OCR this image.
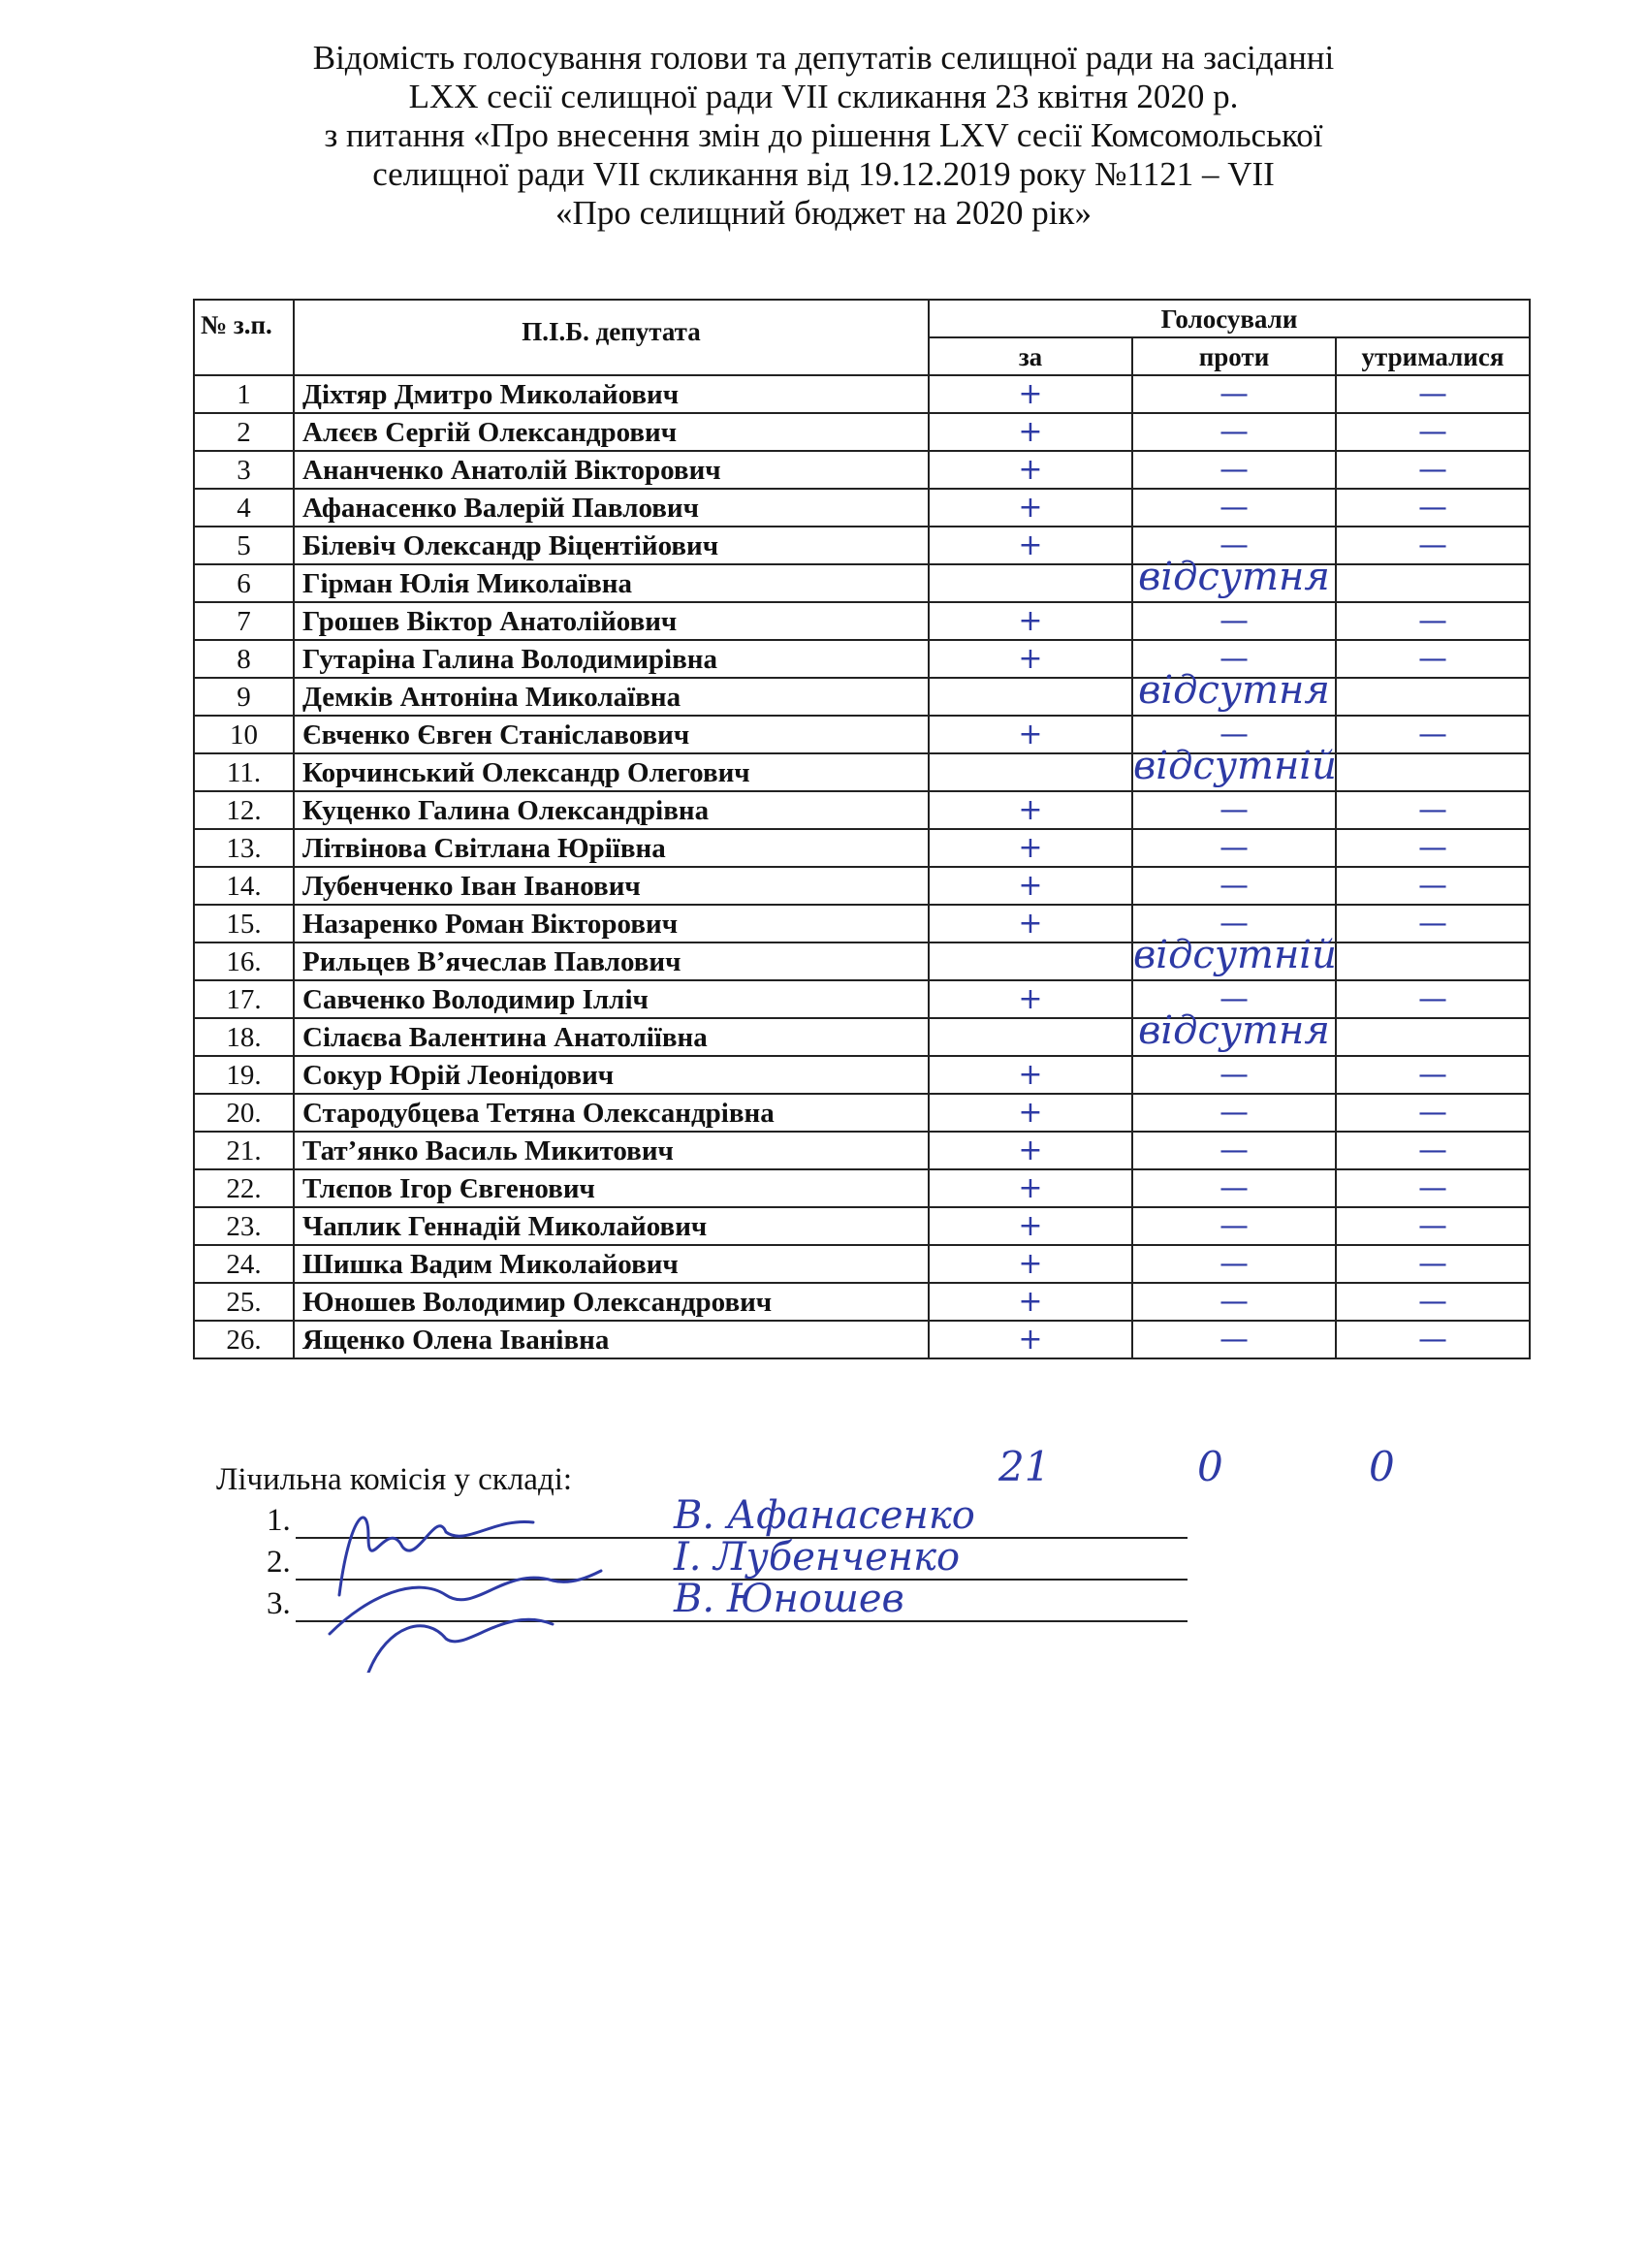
Відомість голосування голови та депутатів селищної ради на засіданні
LXX сесії селищної ради VII скликання 23 квітня 2020 р.
з питання «Про внесення змін до рішення LXV сесії Комсомольської
селищної ради VII скликання від 19.12.2019 року №1121 – VII
«Про селищний бюджет на 2020 рік»
№ з.п.	П.І.Б. депутата	Голосували		
		за	проти	утрималися
1	Діхтяр Дмитро Миколайович	+	—	—
2	Алєєв Сергій Олександрович	+	—	—
3	Ананченко Анатолій Вікторович	+	—	—
4	Афанасенко Валерій Павлович	+	—	—
5	Білевіч Олександр Віцентійович	+	—	—
6	Гірман Юлія Миколаївна		відсутня	

7	Грошев Віктор Анатолійович	+	—	—
8	Гутаріна Галина Володимирівна	+	—	—
9	Демків Антоніна Миколаївна		відсутня	

10	Євченко Євген Станіславович	+	—	—
11.	Корчинський Олександр Олегович		відсутній	

12.	Куценко Галина Олександрівна	+	—	—
13.	Літвінова Світлана Юріївна	+	—	—
14.	Лубенченко Іван Іванович	+	—	—
15.	Назаренко Роман Вікторович	+	—	—
16.	Рильцев В’ячеслав Павлович		відсутній	

17.	Савченко Володимир Ілліч	+	—	—
18.	Сілаєва Валентина Анатоліївна		відсутня	

19.	Сокур Юрій Леонідович	+	—	—
20.	Стародубцева Тетяна Олександрівна	+	—	—
21.	Тат’янко Василь Микитович	+	—	—
22.	Тлєпов Ігор Євгенович	+	—	—
23.	Чаплик Геннадій Миколайович	+	—	—
24.	Шишка Вадим Миколайович	+	—	—
25.	Юношев Володимир Олександрович	+	—	—
26.	Ященко Олена Іванівна	+	—	—
21	0	0
Лічильна комісія у складі:
1.	В. Афанасенко
2.	І. Лубенченко
3.	В. Юношев
